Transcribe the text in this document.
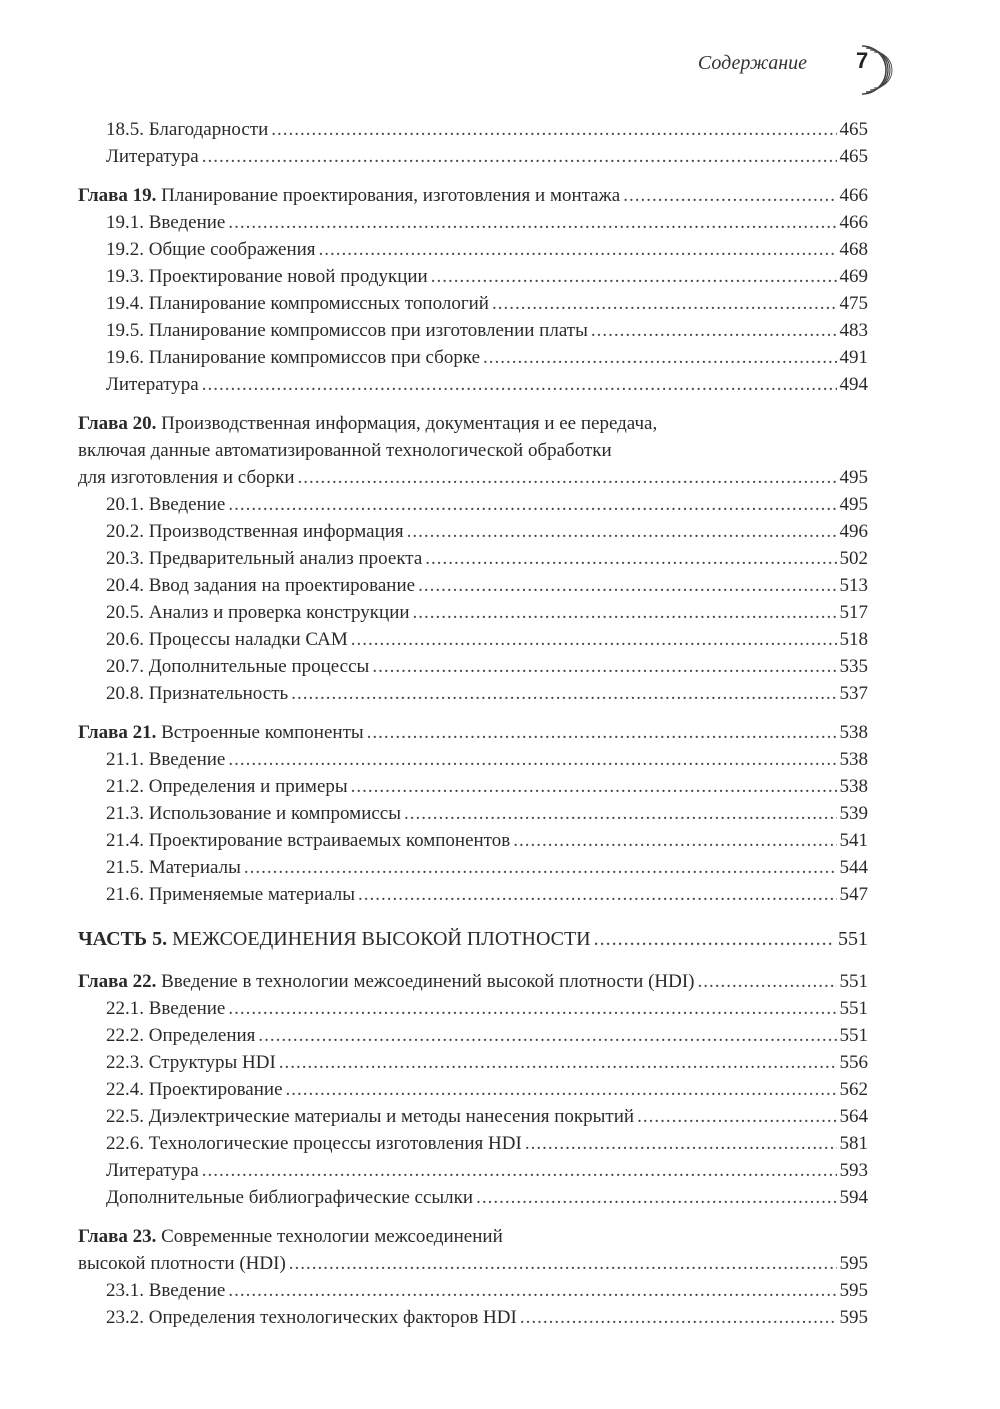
Содержание 7
18.5. Благодарности .....	465
Литература .....	465
Глава 19. Планирование проектирования, изготовления и монтажа .....	466
19.1. Введение .....	466
19.2. Общие соображения .....	468
19.3. Проектирование новой продукции .....	469
19.4. Планирование компромиссных топологий .....	475
19.5. Планирование компромиссов при изготовлении платы .....	483
19.6. Планирование компромиссов при сборке .....	491
Литература .....	494
Глава 20. Производственная информация, документация и ее передача,
включая данные автоматизированной технологической обработки
для изготовления и сборки .....	495
20.1. Введение .....	495
20.2. Производственная информация .....	496
20.3. Предварительный анализ проекта .....	502
20.4. Ввод задания на проектирование .....	513
20.5. Анализ и проверка конструкции .....	517
20.6. Процессы наладки САМ .....	518
20.7. Дополнительные процессы .....	535
20.8. Признательность .....	537
Глава 21. Встроенные компоненты .....	538
21.1. Введение .....	538
21.2. Определения и примеры .....	538
21.3. Использование и компромиссы .....	539
21.4. Проектирование встраиваемых компонентов .....	541
21.5. Материалы .....	544
21.6. Применяемые материалы .....	547
ЧАСТЬ 5. МЕЖСОЕДИНЕНИЯ ВЫСОКОЙ ПЛОТНОСТИ .....	551
Глава 22. Введение в технологии межсоединений высокой плотности (HDI) .....	551
22.1. Введение .....	551
22.2. Определения .....	551
22.3. Структуры HDI .....	556
22.4. Проектирование .....	562
22.5. Диэлектрические материалы и методы нанесения покрытий .....	564
22.6. Технологические процессы изготовления HDI .....	581
Литература .....	593
Дополнительные библиографические ссылки .....	594
Глава 23. Современные технологии межсоединений
высокой плотности (HDI) .....	595
23.1. Введение .....	595
23.2. Определения технологических факторов HDI .....	595
